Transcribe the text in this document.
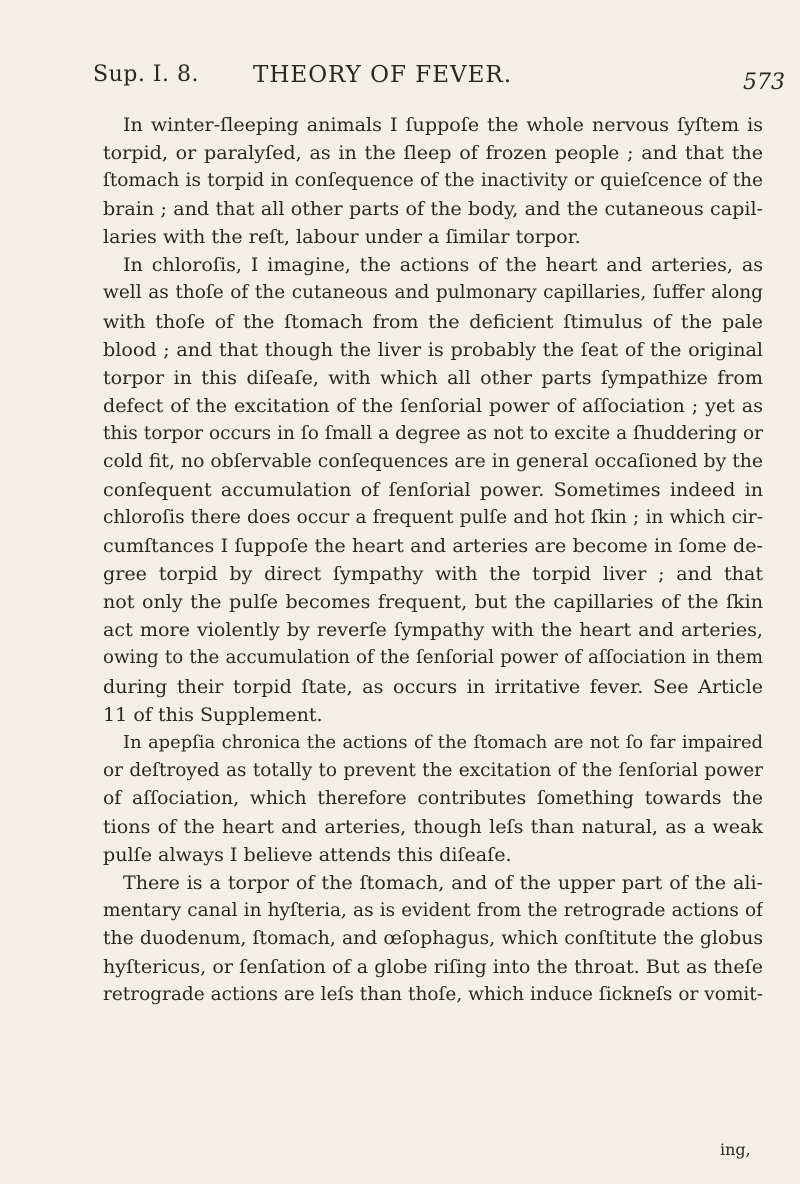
Sup. I. 8. THEORY OF FEVER.	573
In winter-ſleeping animals I ſuppoſe the whole nervous ſyſtem is
torpid, or paralyſed, as in the ſleep of frozen people ; and that the
ſtomach is torpid in conſequence of the inactivity or quieſcence of the
brain ; and that all other parts of the body, and the cutaneous capil-
laries with the reſt, labour under a ſimilar torpor.
In chloroſis, I imagine, the actions of the heart and arteries, as
well as thoſe of the cutaneous and pulmonary capillaries, ſuffer along
with thoſe of the ſtomach from the deficient ſtimulus of the pale
blood ; and that though the liver is probably the ſeat of the original
torpor in this diſeaſe, with which all other parts ſympathize from
defect of the excitation of the ſenſorial power of aſſociation ; yet as
this torpor occurs in ſo ſmall a degree as not to excite a ſhuddering or
cold fit, no obſervable conſequences are in general occaſioned by the
conſequent accumulation of ſenſorial power. Sometimes indeed in
chloroſis there does occur a frequent pulſe and hot ſkin ; in which cir-
cumſtances I ſuppoſe the heart and arteries are become in ſome de-
gree torpid by direct ſympathy with the torpid liver ; and that
not only the pulſe becomes frequent, but the capillaries of the ſkin
act more violently by reverſe ſympathy with the heart and arteries,
owing to the accumulation of the ſenſorial power of aſſociation in them
during their torpid ſtate, as occurs in irritative fever. See Article
11 of this Supplement.
In apepſia chronica the actions of the ſtomach are not ſo far impaired
or deſtroyed as totally to prevent the excitation of the ſenſorial power
of aſſociation, which therefore contributes ſomething towards the
tions of the heart and arteries, though leſs than natural, as a weak
pulſe always I believe attends this diſeaſe.
There is a torpor of the ſtomach, and of the upper part of the ali-
mentary canal in hyſteria, as is evident from the retrograde actions of
the duodenum, ſtomach, and œſophagus, which conſtitute the globus
hyſtericus, or ſenſation of a globe riſing into the throat. But as theſe
retrograde actions are leſs than thoſe, which induce ſickneſs or vomit-
ing,
